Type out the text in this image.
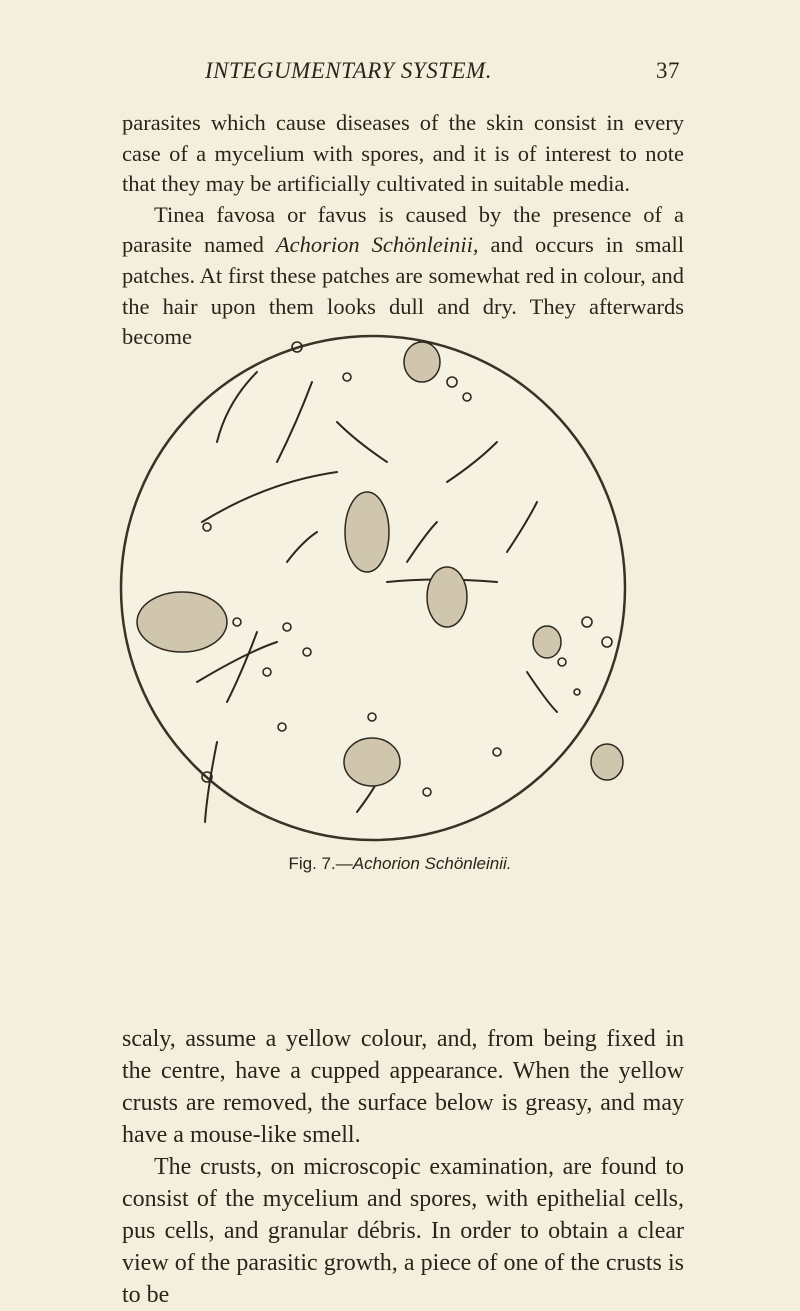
INTEGUMENTARY SYSTEM.	37

parasites which cause diseases of the skin consist in every case of a mycelium with spores, and it is of interest to note that they may be artificially cultivated in suitable media.

Tinea favosa or favus is caused by the presence of a parasite named Achorion Schönleinii, and occurs in small patches. At first these patches are somewhat red in colour, and the hair upon them looks dull and dry. They afterwards become

Fig. 7.—Achorion Schönleinii.

scaly, assume a yellow colour, and, from being fixed in the centre, have a cupped appearance. When the yellow crusts are removed, the surface below is greasy, and may have a mouse-like smell.

The crusts, on microscopic examination, are found to consist of the mycelium and spores, with epithelial cells, pus cells, and granular débris. In order to obtain a clear view of the parasitic growth, a piece of one of the crusts is to be
